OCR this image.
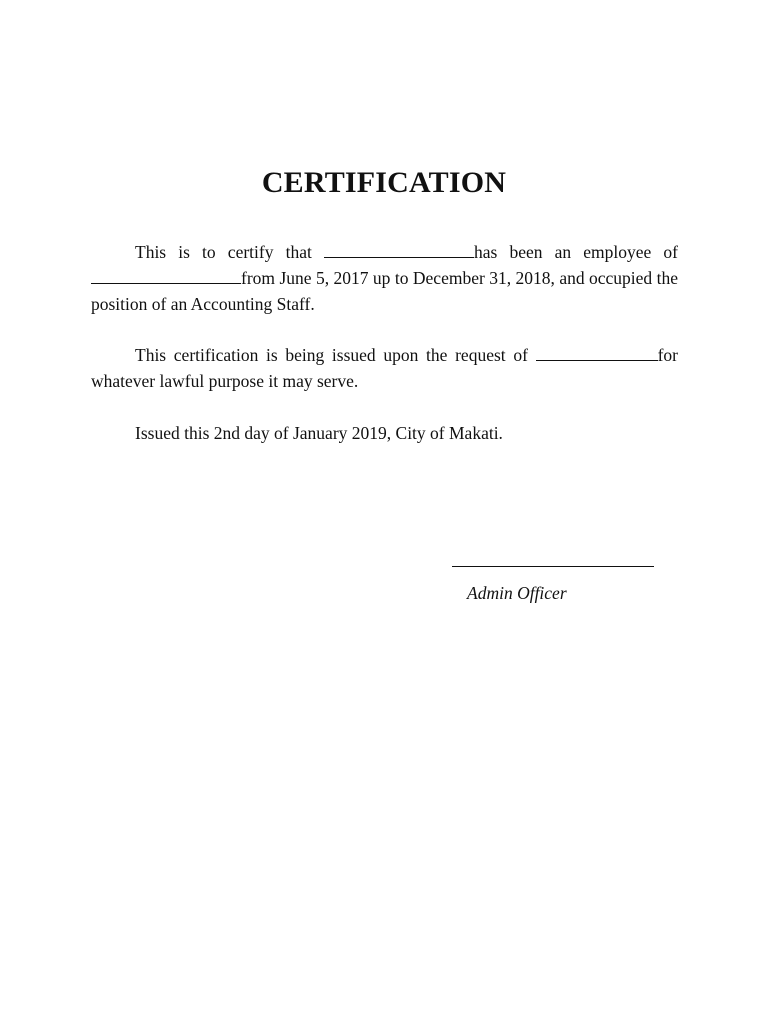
CERTIFICATION

This is to certify that	has been an employee of from June 5, 2017 up to December 31, 2018, and occupied the position of an Accounting Staff.

This certification is being issued upon the request of	for whatever lawful purpose it may serve.

Issued this 2nd day of January 2019, City of Makati.

Admin Officer
